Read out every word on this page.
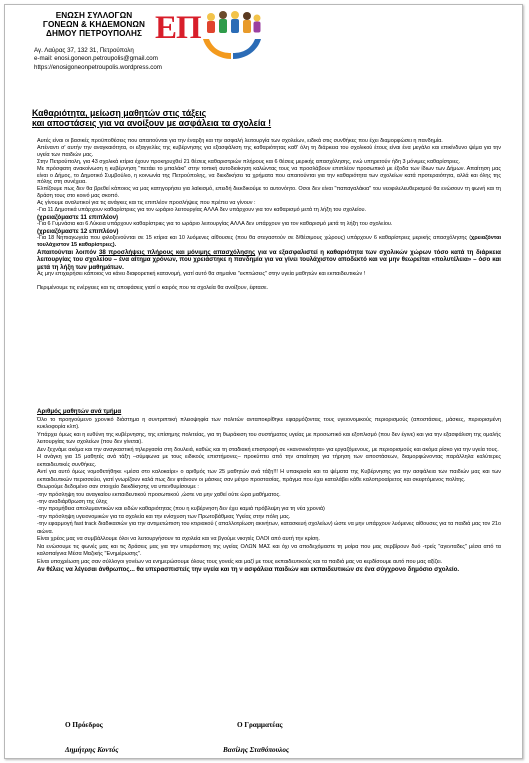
ΕΝΩΣΗ ΣΥΛΛΟΓΩΝ
ΓΟΝΕΩΝ & ΚΗΔΕΜΟΝΩΝ
ΔΗΜΟΥ ΠΕΤΡΟΥΠΟΛΗΣ ΕΠ
Αγ. Λαύρας 37, 132 31, Πετρούπολη
e-mail: enosi.goneon.petroupolis@gmail.com
https://enosigoneonpetroupolis.wordpress.com
Καθαριότητα, μείωση μαθητών στις τάξεις
και αποστάσεις για να ανοίξουν με ασφάλεια τα σχολεία !

Αυτές είναι οι βασικές προϋποθέσεις που απαιτούνται για την έναρξη και την ασφαλή λειτουργία των σχολείων, ειδικά στις συνθήκες που έχει διαμορφώσει η πανδημία.

Απέναντι σ' αυτήν την αναγκαιότητα, οι εξαγγελίες της κυβέρνησης για εξασφάλιση της καθαριότητας καθ' όλη τη διάρκεια του σχολικού έτους είναι ένα μεγάλο και επικίνδυνο ψέμα για την υγεία των παιδιών μας.

Στην Πετρούπολη, για 43 σχολικά κτίρια έχουν προκηρυχθεί 21 θέσεις καθαριστριών πλήρους και 6 θέσεις μερικής απασχόλησης, ενώ υπηρετούν ήδη 3 μόνιμες καθαρίστριες.

Με πρόσφατη ανακοίνωση η κυβέρνηση "πετάει το μπαλάκι" στην τοπική αυτοδιοίκηση καλώντας τους να προσλάβουν επιπλέον προσωπικό με έξοδα των ίδιων των Δήμων. Απαίτηση μας είναι ο Δήμος, το Δημοτικό Συμβούλιο, η κοινωνία της Πετρούπολης, να διεκδικήσει τα χρήματα που απαιτούνται για την καθαριότητα των σχολείων κατά προτεραιότητα, αλλά και όλης της πόλης στη συνέχεια.

Ελπίζουμε πως δεν θα βρεθεί κάποιος να μας κατηγορήσει για λαϊκισμό, επειδή διεκδικούμε το αυτονόητο. Οσοι δεν είναι "παπαγαλάκια" του νεοφιλελευθερισμού θα ενώσουν τη φωνή και τη δράση τους στο κοινό μας σκοπό.

Ας γίνουμε αναλυτικοί για τις ανάγκες και τις επιπλέον προσλήψεις που πρέπει να γίνουν :

-Για 11 Δημοτικά υπάρχουν καθαρίστριες για τον ωράριο λειτουργίας ΑΛΛΑ δεν υπάρχουν για τον καθαρισμό μετά τη λήξη του σχολείου.

(χρειαζόμαστε 11 επιπλέον)

-Για 6 Γυμνάσια και 6 Λύκεια υπάρχουν καθαρίστριες για το ωράριο λειτουργίας ΑΛΛΑ δεν υπάρχουν για τον καθαρισμό μετά τη λήξη του σχολείου.

(χρειαζόμαστε 12 επιπλέον)

-Για 18 Νηπιαγωγεία που φιλοξενούνται σε 15 κτίρια και 10 λυόμενες αίθουσες (που θα στεγαστούν σε δ/θέσιμους χώρους) υπάρχουν 6 καθαρίστριες μερικής απασχόλησης (χρειαζόνται τουλάχιστον 15 καθαρίστριες).

Απαιτούνται λοιπόν 38 προσλήψεις πλήρους και μόνιμης απασχόλησης για να εξασφαλιστεί η καθαριότητα των σχολικών χώρων τόσο κατά τη διάρκεια λειτουργίας του σχολείου – ένα αίτημα χρόνων, που χρειάστηκε η πανδημία για να γίνει τουλάχιστον αποδεκτό και να μην θεωρείται «πολυτέλεια» – όσο και μετά τη λήξη των μαθημάτων.

Ας μην επιχειρήσει κάποιος να κάνει διαφορετική κατανομή, γιατί αυτό θα σημαίνει "εκπτώσεις" στην υγεία μαθητών και εκπαιδευτικών !

Περιμένουμε τις ενέργειες και τις αποφάσεις γιατί ο καιρός που τα σχολεία θα ανοίξουν, έφτασε.

Αριθμός μαθητών ανά τμήμα

Όλο το προηγούμενο χρονικό διάστημα η συντριπτική πλειοψηφία των πολιτών ανταποκρίθηκε εφαρμόζοντας τους υγειονομικούς περιορισμούς (αποστάσεις, μάσκες, περιορισμένη κυκλοφορία κλπ).

Υπάρχει όμως και η ευθύνη της κυβέρνησης, της επίσημης πολιτείας, για τη θωράκιση του συστήματος υγείας με προσωπικό και εξοπλισμό (που δεν έγινε) και για την εξασφάλιση της ομαλής λειτουργίας των σχολείων (που δεν γίνεται).

Δεν ξεχνάμε ακόμα και την αναγκαστική τηλεργασία στη δουλειά, καθώς και τη σταδιακή επιστροφή σε «κανονικότητα» για εργαζόμενους, με περιορισμούς και ακόμα ρίσκο για την υγεία τους.

Η ανάγκη για 15 μαθητές ανά τάξη –σύμφωνα με τους ειδικούς επιστήμονες– προκύπτει από την απαίτηση για τήρηση των αποστάσεων, διαμορφώνοντας παράλληλα καλύτερες εκπαιδευτικές συνθήκες.

Αντί για αυτό όμως νομοθετήθηκε «μέσα στο καλοκαίρι» ο αριθμός των 25 μαθητών ανά τάξη!!! Η υπακρισία και τα ψέματα της Κυβέρνησης για την ασφάλεια των παιδιών μας και των εκπαιδευτικών περισσεύει, γιατί γνωρίζουν καλά πως δεν φτάνουν οι μάσκες σαν μέτρο προστασίας, πράγμα που έχει καταλάβει κάθε καλοπροαίρετος και σκεφτόμενος πολίτης.

Θεωρούμε δεδομένο σαν στοιχείο διεκδίκησης να υπενθυμίσουμε :

-την πρόσληψη του αναγκαίου εκπαιδευτικού προσωπικού ,ώστε να μην χαθεί ούτε ώρα μαθήματος.

-την αναδιάρθρωση της ύλης

-την προμήθεια απολυμαντικών και ειδών καθαριότητας (που η κυβέρνηση δεν έχει καμιά πρόβλεψη για τη νέα χρονιά)

-την πρόσληψη υγειονομικών για τα σχολεία και την ενίσχυση των Πρωτοβάθμιας Υγείας στην πόλη μας.

-την εφαρμογή fast track διαδικασιών για την αντιμετώπιση του κτιριακού ( απαλλοτρίωση ακινήτων, κατασκευή σχολείων) ώστε να μην υπάρχουν λυόμενες αίθουσες για τα παιδιά μας τον 21ο αιώνα.

Είναι χρέος μας να συμβάλλουμε όλοι να λειτουργήσουν τα σχολεία και να βγούμε νικητές ΟΛΟΙ από αυτή την κρίση.

Να ενώσουμε τις φωνές μας και τις δράσεις μας για την υπεράσπιση της υγείας ΟΛΩΝ ΜΑΣ και όχι να αποδεχόμαστε τη μοίρα που μας σερβίρουν δυό -τρείς "αγενταδες" μέσα από τα καλοπαίγνια Μέσα Μαζικής "Ενημέρωσης".

Είναι υποχρέωση μας σαν σύλλογοι γονέων να ενημερώσουμε όλους τους γονείς και μαζί με τους εκπαιδευτικούς και τα παιδιά μας να κερδίσουμε αυτό που μας αξίζει.

Αν θέλεις να λέγεσαι άνθρωπος... θα υπερασπιστείς την υγεία και τη ν ασφάλεια παιδιών και εκπαιδευτικών σε ένα σύγχρονο δημόσιο σχολείο.

Ο Πρόεδρος
Δημήτρης Κοντός
Ο Γραμματέας
Βασίλης Σταθόπουλος
